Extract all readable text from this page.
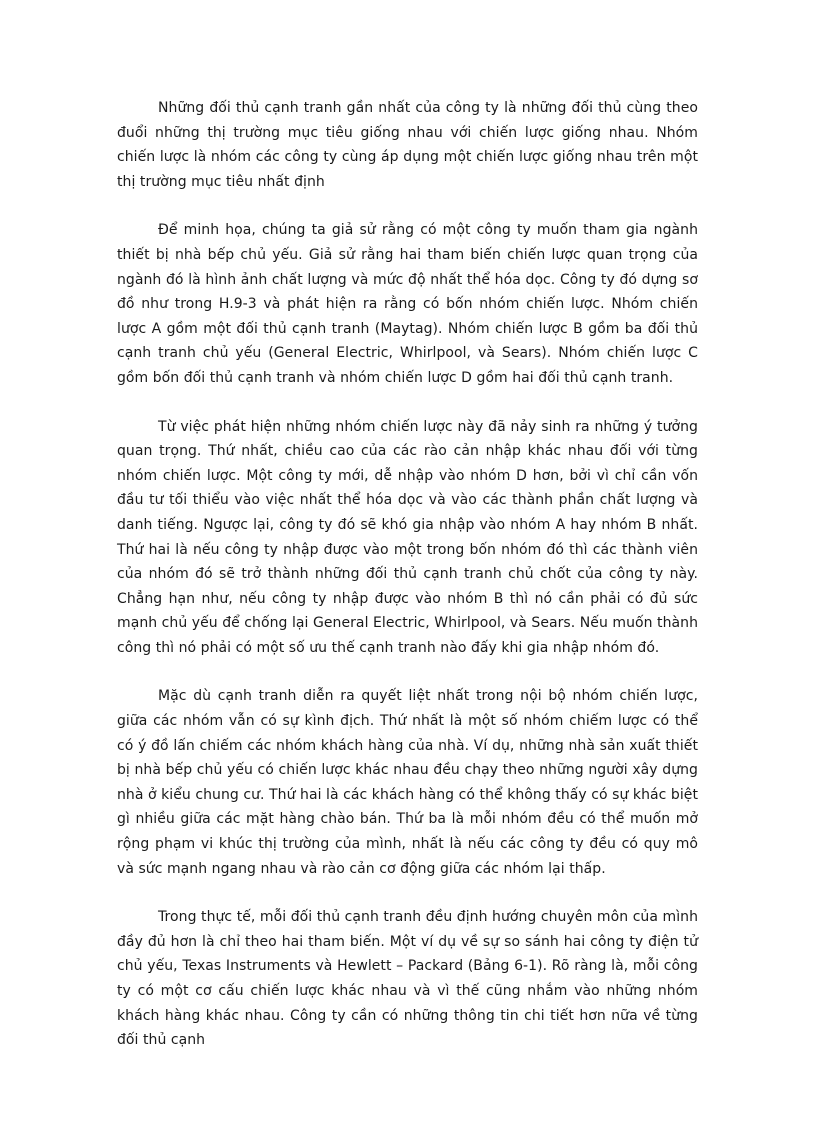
Những đối thủ cạnh tranh gần nhất của công ty là những đối thủ cùng theo đuổi những thị trường mục tiêu giống nhau với chiến lược giống nhau. Nhóm chiến lược là nhóm các công ty cùng áp dụng một chiến lược giống nhau trên một thị trường mục tiêu nhất định

Để minh họa, chúng ta giả sử rằng có một công ty muốn tham gia ngành thiết bị nhà bếp chủ yếu. Giả sử rằng hai tham biến chiến lược quan trọng của ngành đó là hình ảnh chất lượng và mức độ nhất thể hóa dọc. Công ty đó dựng sơ đồ như trong H.9-3 và phát hiện ra rằng có bốn nhóm chiến lược. Nhóm chiến lược A gồm một đối thủ cạnh tranh (Maytag). Nhóm chiến lược B gồm ba đối thủ cạnh tranh chủ yếu (General Electric, Whirlpool, và Sears). Nhóm chiến lược C gồm bốn đối thủ cạnh tranh và nhóm chiến lược D gồm hai đối thủ cạnh tranh.

Từ việc phát hiện những nhóm chiến lược này đã nảy sinh ra những ý tưởng quan trọng. Thứ nhất, chiều cao của các rào cản nhập khác nhau đối với từng nhóm chiến lược. Một công ty mới, dễ nhập vào nhóm D hơn, bởi vì chỉ cần vốn đầu tư tối thiểu vào việc nhất thể hóa dọc và vào các thành phần chất lượng và danh tiếng. Ngược lại, công ty đó sẽ khó gia nhập vào nhóm A hay nhóm B nhất. Thứ hai là nếu công ty nhập được vào một trong bốn nhóm đó thì các thành viên của nhóm đó sẽ trở thành những đối thủ cạnh tranh chủ chốt của công ty này. Chẳng hạn như, nếu công ty nhập được vào nhóm B thì nó cần phải có đủ sức mạnh chủ yếu để chống lại General Electric, Whirlpool, và Sears. Nếu muốn thành công thì nó phải có một số ưu thế cạnh tranh nào đấy khi gia nhập nhóm đó.

Mặc dù cạnh tranh diễn ra quyết liệt nhất trong nội bộ nhóm chiến lược, giữa các nhóm vẫn có sự kình địch. Thứ nhất là một số nhóm chiếm lược có thể có ý đồ lấn chiếm các nhóm khách hàng của nhà. Ví dụ, những nhà sản xuất thiết bị nhà bếp chủ yếu có chiến lược khác nhau đều chạy theo những người xây dựng nhà ở kiểu chung cư. Thứ hai là các khách hàng có thể không thấy có sự khác biệt gì nhiều giữa các mặt hàng chào bán. Thứ ba là mỗi nhóm đều có thể muốn mở rộng phạm vi khúc thị trường của mình, nhất là nếu các công ty đều có quy mô và sức mạnh ngang nhau và rào cản cơ động giữa các nhóm lại thấp.

Trong thực tế, mỗi đối thủ cạnh tranh đều định hướng chuyên môn của mình đầy đủ hơn là chỉ theo hai tham biến. Một ví dụ về sự so sánh hai công ty điện tử chủ yếu, Texas Instruments và Hewlett – Packard (Bảng 6-1). Rõ ràng là, mỗi công ty có một cơ cấu chiến lược khác nhau và vì thế cũng nhắm vào những nhóm khách hàng khác nhau. Công ty cần có những thông tin chi tiết hơn nữa về từng đối thủ cạnh
